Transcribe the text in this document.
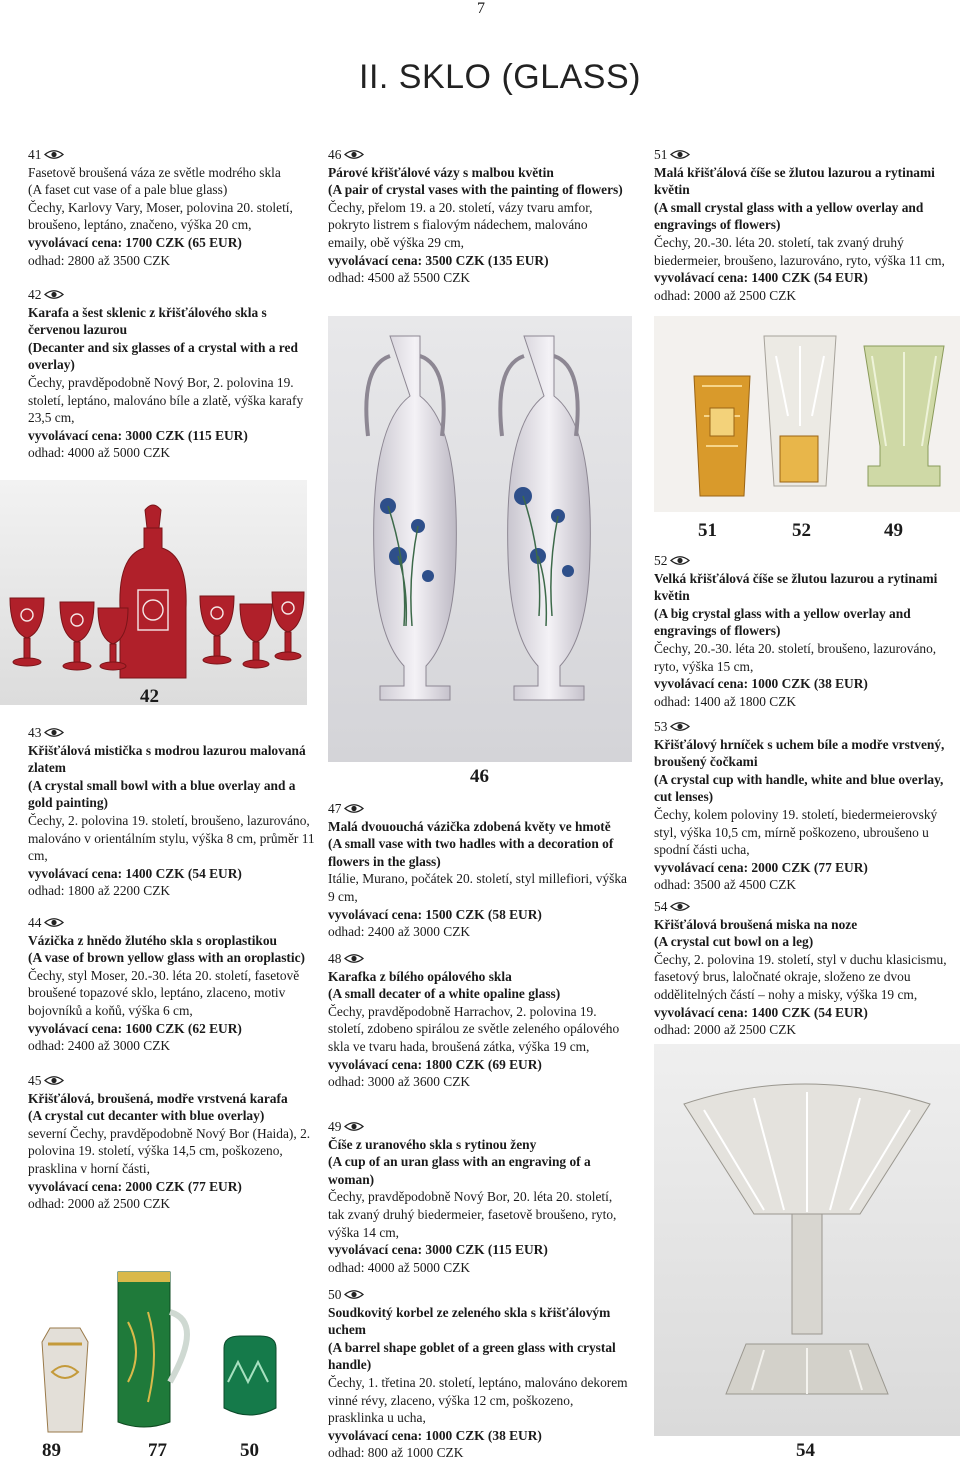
7
II. SKLO (GLASS)
41
Fasetově broušená váza ze světle modrého skla
(A faset cut vase of a pale blue glass)
Čechy, Karlovy Vary, Moser, polovina 20. století, broušeno, leptáno, značeno, výška 20 cm,
vyvolávací cena: 1700 CZK (65 EUR)
odhad: 2800 až 3500 CZK
42
Karafa a šest sklenic z křišťálového skla s červenou lazurou
(Decanter and six glasses of a crystal with a red overlay)
Čechy, pravděpodobně Nový Bor, 2. polovina 19. století, leptáno, malováno bíle a zlatě, výška karafy 23,5 cm,
vyvolávací cena: 3000 CZK (115 EUR)
odhad: 4000 až 5000 CZK
42
43
Křišťálová mistička s modrou lazurou malovaná zlatem
(A crystal small bowl with a blue overlay and a gold painting)
Čechy, 2. polovina 19. století, broušeno, lazurováno, malováno v orientálním stylu, výška 8 cm, průměr 11 cm,
vyvolávací cena: 1400 CZK (54 EUR)
odhad: 1800 až 2200 CZK
44
Vázička z hnědo žlutého skla s oroplastikou
(A vase of brown yellow glass with an oroplastic)
Čechy, styl Moser, 20.-30. léta 20. století, fasetově broušené topazové sklo, leptáno, zlaceno, motiv bojovníků a koňů, výška 6 cm,
vyvolávací cena: 1600 CZK (62 EUR)
odhad: 2400 až 3000 CZK
45
Křišťálová, broušená, modře vrstvená karafa
(A crystal cut decanter with blue overlay)
severní Čechy, pravděpodobně Nový Bor (Haida), 2. polovina 19. století, výška 14,5 cm, poškozeno, prasklina v horní části,
vyvolávací cena: 2000 CZK (77 EUR)
odhad: 2000 až 2500 CZK
89	77	50
46
Párové křišťálové vázy s malbou květin
(A pair of crystal vases with the painting of flowers)
Čechy, přelom 19. a 20. století, vázy tvaru amfor, pokryto listrem s fialovým nádechem, malováno emaily, obě výška 29 cm,
vyvolávací cena: 3500 CZK (135 EUR)
odhad: 4500 až 5500 CZK
46
47
Malá dvououchá vázička zdobená květy ve hmotě
(A small vase with two hadles with a decoration of flowers in the glass)
Itálie, Murano, počátek 20. století, styl millefiori, výška 9 cm,
vyvolávací cena: 1500 CZK (58 EUR)
odhad: 2400 až 3000 CZK
48
Karafka z bílého opálového skla
(A small decater of a white opaline glass)
Čechy, pravděpodobně Harrachov, 2. polovina 19. století, zdobeno spirálou ze světle zeleného opálového skla ve tvaru hada, broušená zátka, výška 19 cm,
vyvolávací cena: 1800 CZK (69 EUR)
odhad: 3000 až 3600 CZK
49
Číše z uranového skla s rytinou ženy
(A cup of an uran glass with an engraving of a woman)
Čechy, pravděpodobně Nový Bor, 20. léta 20. století, tak zvaný druhý biedermeier, fasetově broušeno, ryto, výška 14 cm,
vyvolávací cena: 3000 CZK (115 EUR)
odhad: 4000 až 5000 CZK
50
Soudkovitý korbel ze zeleného skla s křišťálovým uchem
(A barrel shape goblet of a green glass with crystal handle)
Čechy, 1. třetina 20. století, leptáno, malováno dekorem vinné révy, zlaceno, výška 12 cm, poškozeno, prasklinka u ucha,
vyvolávací cena: 1000 CZK (38 EUR)
odhad: 800 až 1000 CZK
51
Malá křišťálová číše se žlutou lazurou a rytinami květin
(A small crystal glass with a yellow overlay and engravings of flowers)
Čechy, 20.-30. léta 20. století, tak zvaný druhý biedermeier, broušeno, lazurováno, ryto, výška 11 cm,
vyvolávací cena: 1400 CZK (54 EUR)
odhad: 2000 až 2500 CZK
51	52	49
52
Velká křišťálová číše se žlutou lazurou a rytinami květin
(A big crystal glass with a yellow overlay and engravings of flowers)
Čechy, 20.-30. léta 20. století, broušeno, lazurováno, ryto, výška 15 cm,
vyvolávací cena: 1000 CZK (38 EUR)
odhad: 1400 až 1800 CZK
53
Křišťálový hrníček s uchem bíle a modře vrstvený, broušený čočkami
(A crystal cup with handle, white and blue overlay, cut lenses)
Čechy, kolem poloviny 19. století, biedermeierovský styl, výška 10,5 cm, mírně poškozeno, ubroušeno u spodní části ucha,
vyvolávací cena: 2000 CZK (77 EUR)
odhad: 3500 až 4500 CZK
54
Křišťálová broušená miska na noze
(A crystal cut bowl on a leg)
Čechy, 2. polovina 19. století, styl v duchu klasicismu, fasetový brus, laločnaté okraje, složeno ze dvou oddělitelných částí – nohy a misky, výška 19 cm,
vyvolávací cena: 1400 CZK (54 EUR)
odhad: 2000 až 2500 CZK
54
